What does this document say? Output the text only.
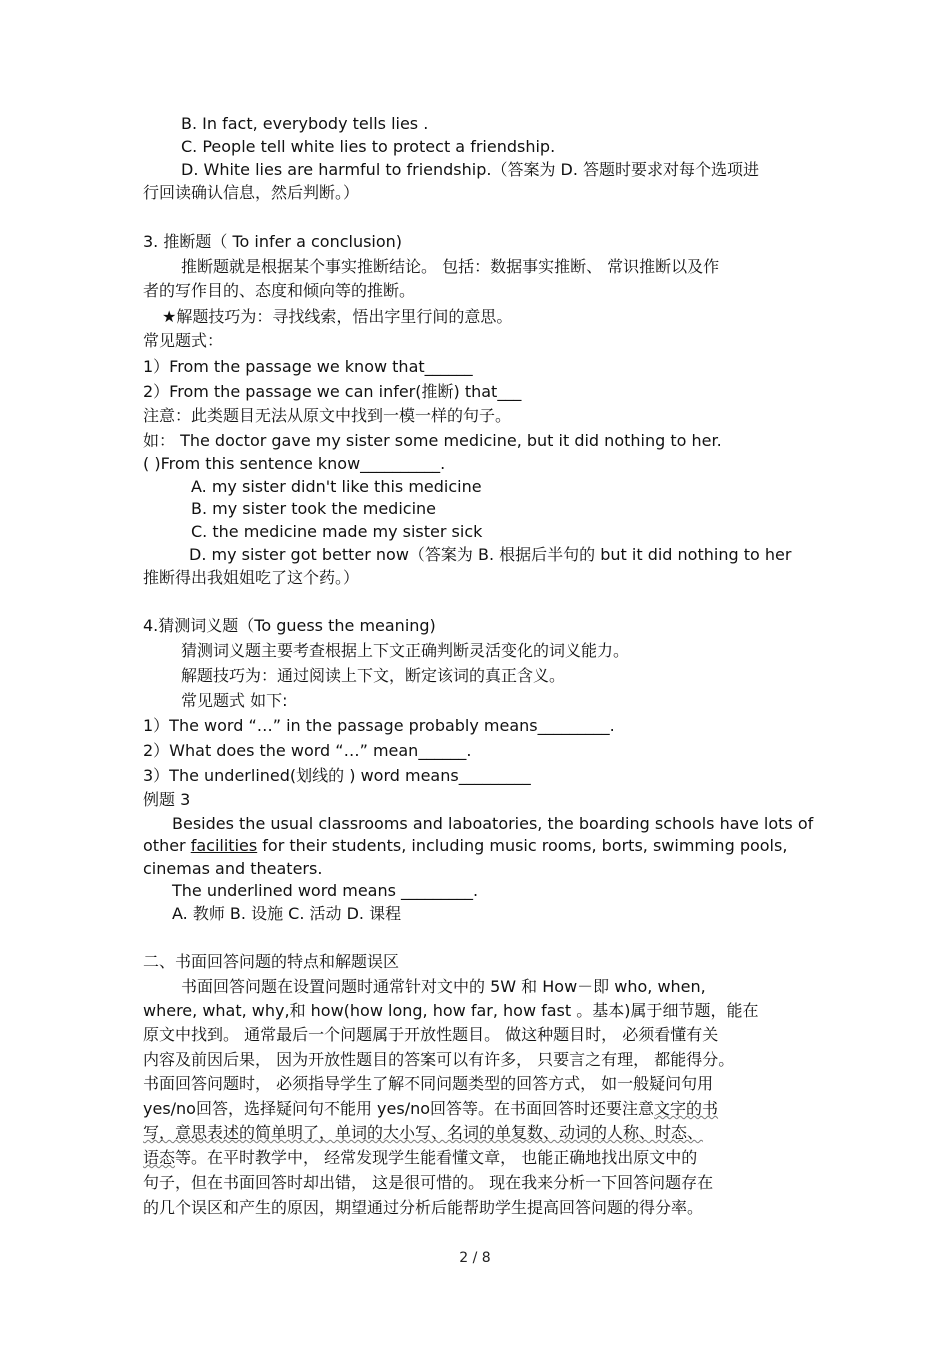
B. In fact, everybody tells lies .
C. People tell white lies to protect a friendship.
D. White lies are harmful to friendship.（答案为 D. 答题时要求对每个选项进
行回读确认信息，然后判断。）
3. 推断题（ To infer a conclusion)
推断题就是根据某个事实推断结论。 包括：数据事实推断、 常识推断以及作
者的写作目的、态度和倾向等的推断。
★解题技巧为：寻找线索，悟出字里行间的意思。
常见题式：
1）From the passage we know that______
2）From the passage we can infer(推断) that___
注意：此类题目无法从原文中找到一模一样的句子。
如： The doctor gave my sister some medicine, but it did nothing to her.
( )From this sentence know__________.
A. my sister didn't like this medicine
B. my sister took the medicine
C. the medicine made my sister sick
D. my sister got better now（答案为 B. 根据后半句的 but it did nothing to her
推断得出我姐姐吃了这个药。）
4.猜测词义题（To guess the meaning)
猜测词义题主要考查根据上下文正确判断灵活变化的词义能力。
解题技巧为：通过阅读上下文，断定该词的真正含义。
常见题式 如下:
1）The word “…” in the passage probably means_________.
2）What does the word “…” mean______.
3）The underlined(划线的 ) word means_________
例题 3
Besides the usual classrooms and laboatories, the boarding schools have lots of
other facilities for their students, including music rooms, borts, swimming pools,
cinemas and theaters.
The underlined word means _________.
A. 教师 B. 设施 C. 活动 D. 课程
二、书面回答问题的特点和解题误区
书面回答问题在设置问题时通常针对文中的 5W 和 How－即 who, when,
where, what, why,和 how(how long, how far, how fast 。基本)属于细节题，能在
原文中找到。 通常最后一个问题属于开放性题目。 做这种题目时， 必须看懂有关
内容及前因后果， 因为开放性题目的答案可以有许多， 只要言之有理， 都能得分。
书面回答问题时， 必须指导学生了解不同问题类型的回答方式， 如一般疑问句用
yes/no回答，选择疑问句不能用 yes/no回答等。在书面回答时还要注意文字的书
写，意思表述的简单明了，单词的大小写、名词的单复数、动词的人称、时态、
语态等。在平时教学中， 经常发现学生能看懂文章， 也能正确地找出原文中的
句子，但在书面回答时却出错， 这是很可惜的。 现在我来分析一下回答问题存在
的几个误区和产生的原因，期望通过分析后能帮助学生提高回答问题的得分率。
2 / 8
